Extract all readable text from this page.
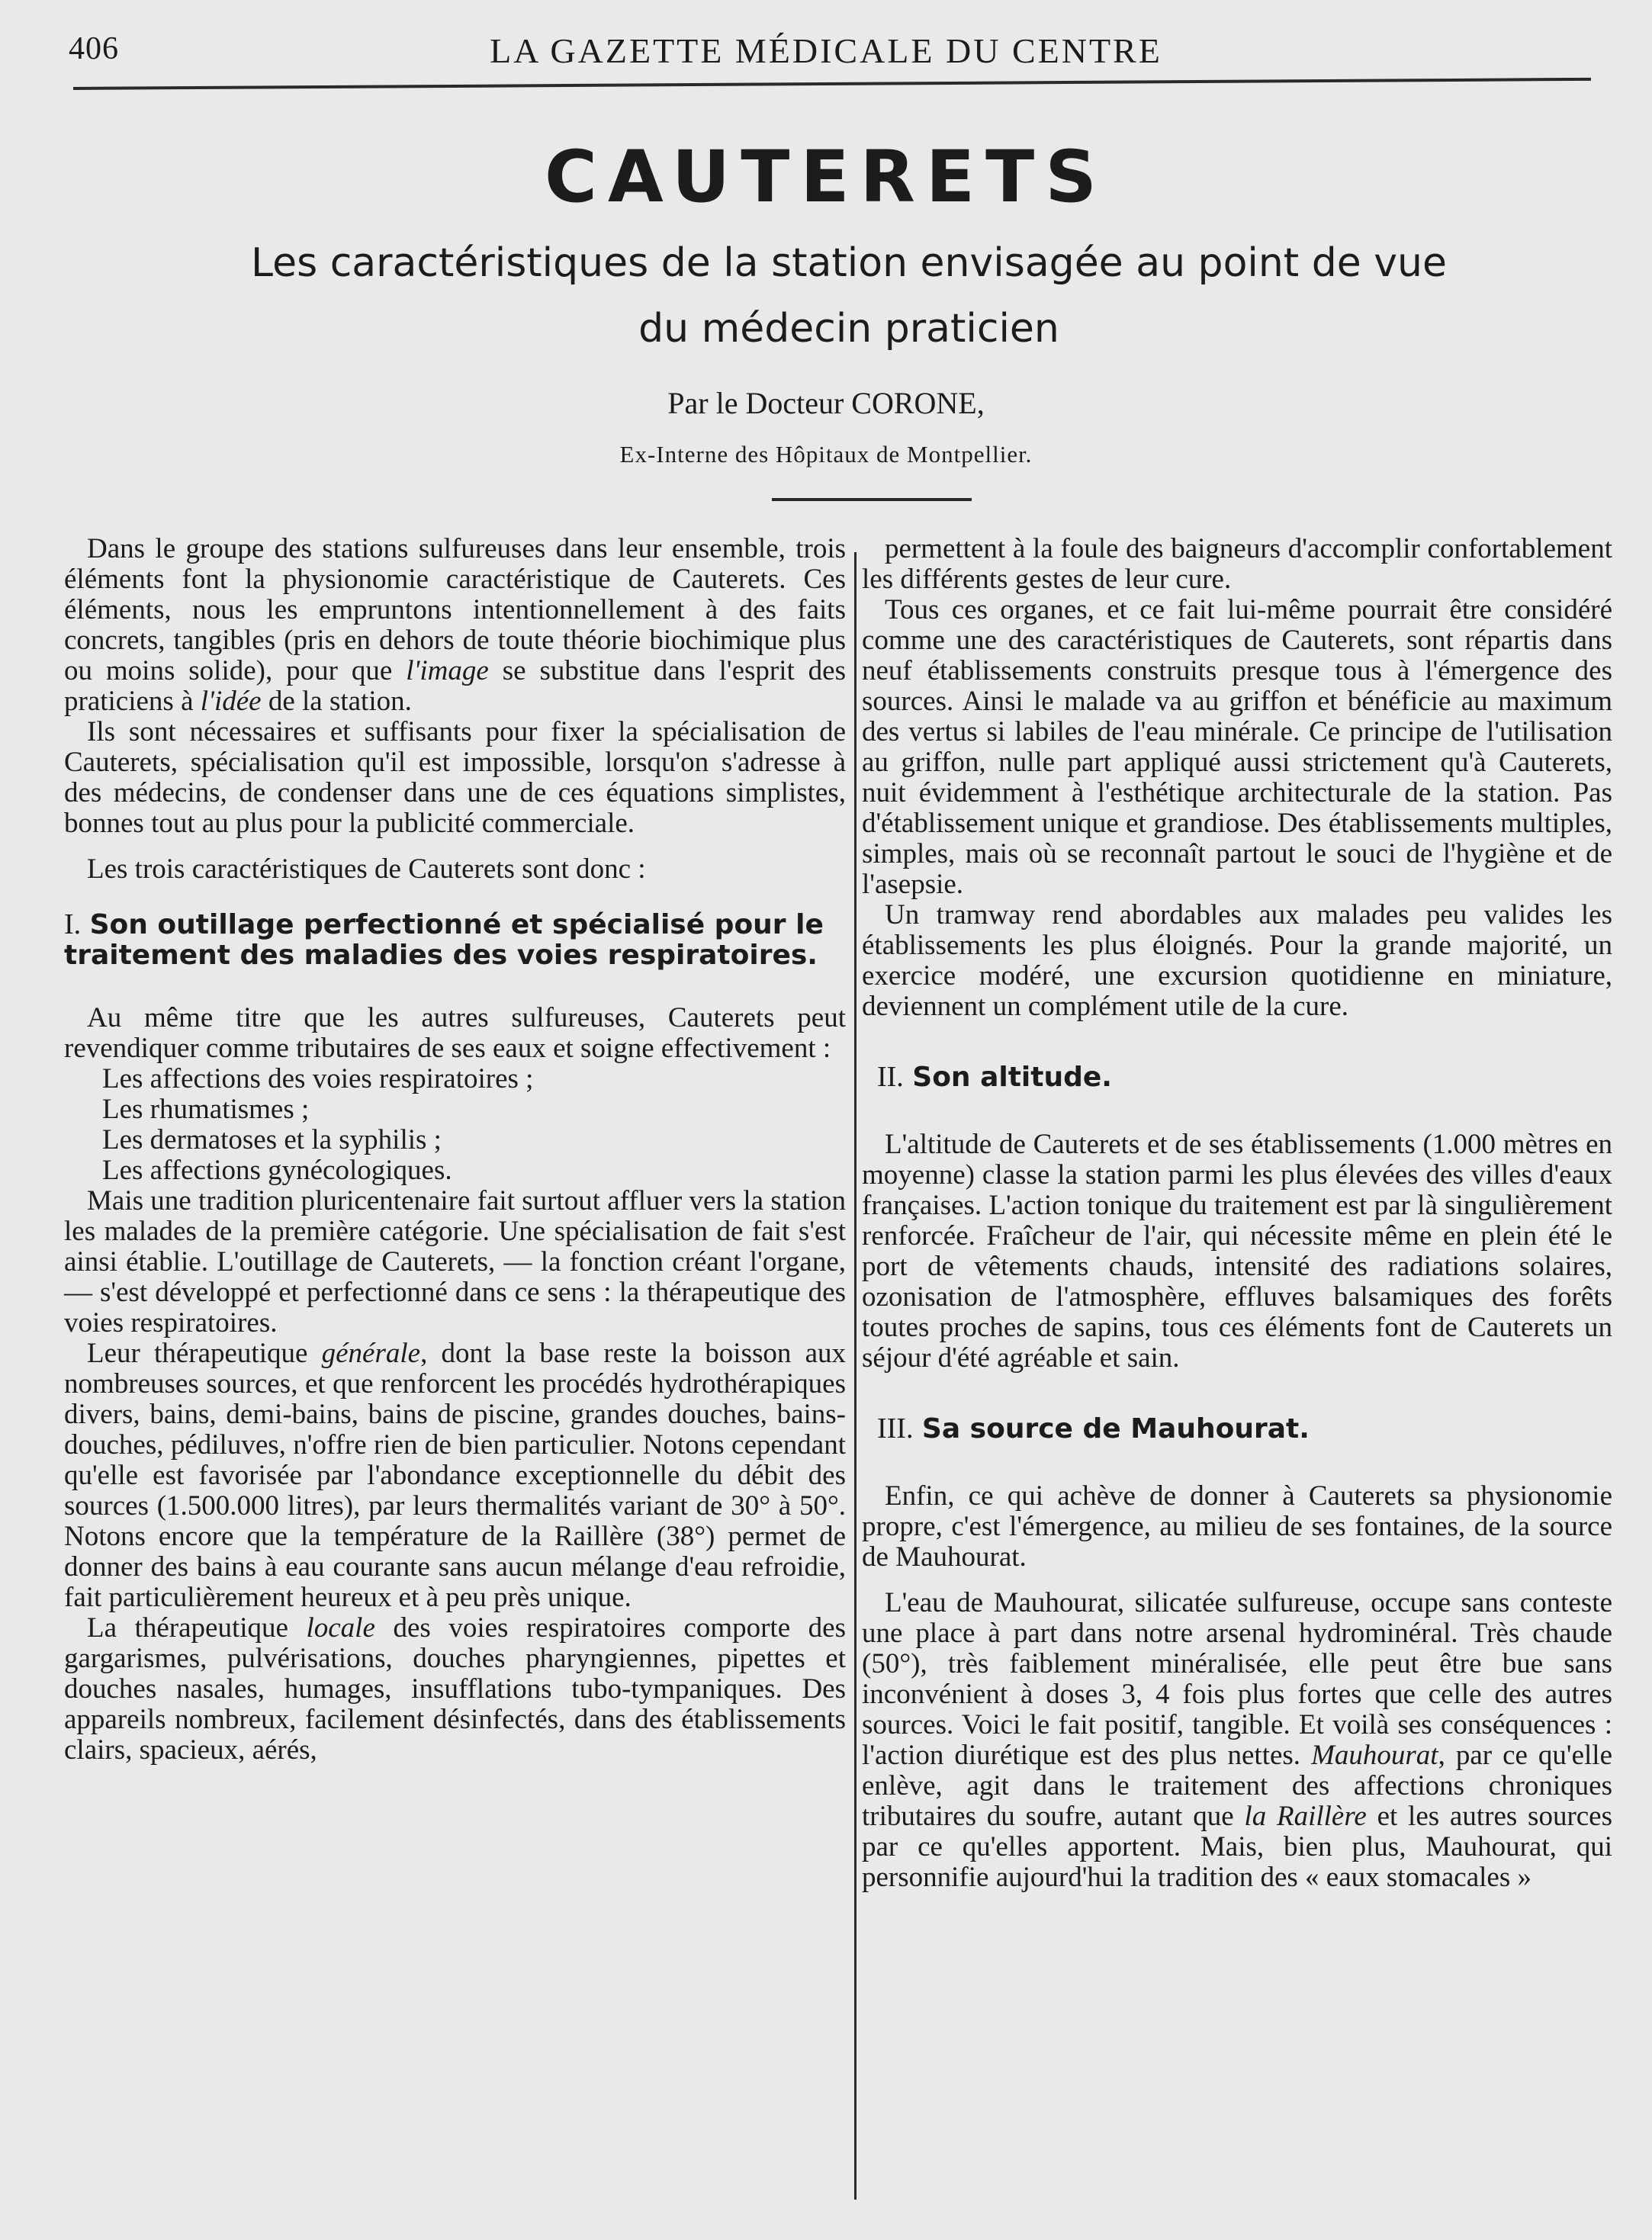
406	LA GAZETTE MÉDICALE DU CENTRE
CAUTERETS
Les caractéristiques de la station envisagée au point de vue
du médecin praticien
Par le Docteur CORONE,
Ex-Interne des Hôpitaux de Montpellier.

Dans le groupe des stations sulfureuses dans leur ensemble, trois éléments font la physionomie caractéristique de Cauterets. Ces éléments, nous les empruntons intentionnellement à des faits concrets, tangibles (pris en dehors de toute théorie biochimique plus ou moins solide), pour que l'image se substitue dans l'esprit des praticiens à l'idée de la station.

Ils sont nécessaires et suffisants pour fixer la spécialisation de Cauterets, spécialisation qu'il est impossible, lorsqu'on s'adresse à des médecins, de condenser dans une de ces équations simplistes, bonnes tout au plus pour la publicité commerciale.

Les trois caractéristiques de Cauterets sont donc :

I. Son outillage perfectionné et spécialisé pour le traitement des maladies des voies respiratoires.

Au même titre que les autres sulfureuses, Cauterets peut revendiquer comme tributaires de ses eaux et soigne effectivement :

Les affections des voies respiratoires ;

Les rhumatismes ;

Les dermatoses et la syphilis ;

Les affections gynécologiques.

Mais une tradition pluricentenaire fait surtout affluer vers la station les malades de la première catégorie. Une spécialisation de fait s'est ainsi établie. L'outillage de Cauterets, — la fonction créant l'organe, — s'est développé et perfectionné dans ce sens : la thérapeutique des voies respiratoires.

Leur thérapeutique générale, dont la base reste la boisson aux nombreuses sources, et que renforcent les procédés hydrothérapiques divers, bains, demi-bains, bains de piscine, grandes douches, bains-douches, pédiluves, n'offre rien de bien particulier. Notons cependant qu'elle est favorisée par l'abondance exceptionnelle du débit des sources (1.500.000 litres), par leurs thermalités variant de 30° à 50°. Notons encore que la température de la Raillère (38°) permet de donner des bains à eau courante sans aucun mélange d'eau refroidie, fait particulièrement heureux et à peu près unique.

La thérapeutique locale des voies respiratoires comporte des gargarismes, pulvérisations, douches pharyngiennes, pipettes et douches nasales, humages, insufflations tubo-tympaniques. Des appareils nombreux, facilement désinfectés, dans des établissements clairs, spacieux, aérés,

permettent à la foule des baigneurs d'accomplir confortablement les différents gestes de leur cure.

Tous ces organes, et ce fait lui-même pourrait être considéré comme une des caractéristiques de Cauterets, sont répartis dans neuf établissements construits presque tous à l'émergence des sources. Ainsi le malade va au griffon et bénéficie au maximum des vertus si labiles de l'eau minérale. Ce principe de l'utilisation au griffon, nulle part appliqué aussi strictement qu'à Cauterets, nuit évidemment à l'esthétique architecturale de la station. Pas d'établissement unique et grandiose. Des établissements multiples, simples, mais où se reconnaît partout le souci de l'hygiène et de l'asepsie.

Un tramway rend abordables aux malades peu valides les établissements les plus éloignés. Pour la grande majorité, un exercice modéré, une excursion quotidienne en miniature, deviennent un complément utile de la cure.

II. Son altitude.

L'altitude de Cauterets et de ses établissements (1.000 mètres en moyenne) classe la station parmi les plus élevées des villes d'eaux françaises. L'action tonique du traitement est par là singulièrement renforcée. Fraîcheur de l'air, qui nécessite même en plein été le port de vêtements chauds, intensité des radiations solaires, ozonisation de l'atmosphère, effluves balsamiques des forêts toutes proches de sapins, tous ces éléments font de Cauterets un séjour d'été agréable et sain.

III. Sa source de Mauhourat.

Enfin, ce qui achève de donner à Cauterets sa physionomie propre, c'est l'émergence, au milieu de ses fontaines, de la source de Mauhourat.

L'eau de Mauhourat, silicatée sulfureuse, occupe sans conteste une place à part dans notre arsenal hydrominéral. Très chaude (50°), très faiblement minéralisée, elle peut être bue sans inconvénient à doses 3, 4 fois plus fortes que celle des autres sources. Voici le fait positif, tangible. Et voilà ses conséquences : l'action diurétique est des plus nettes. Mauhourat, par ce qu'elle enlève, agit dans le traitement des affections chroniques tributaires du soufre, autant que la Raillère et les autres sources par ce qu'elles apportent. Mais, bien plus, Mauhourat, qui personnifie aujourd'hui la tradition des « eaux stomacales »
